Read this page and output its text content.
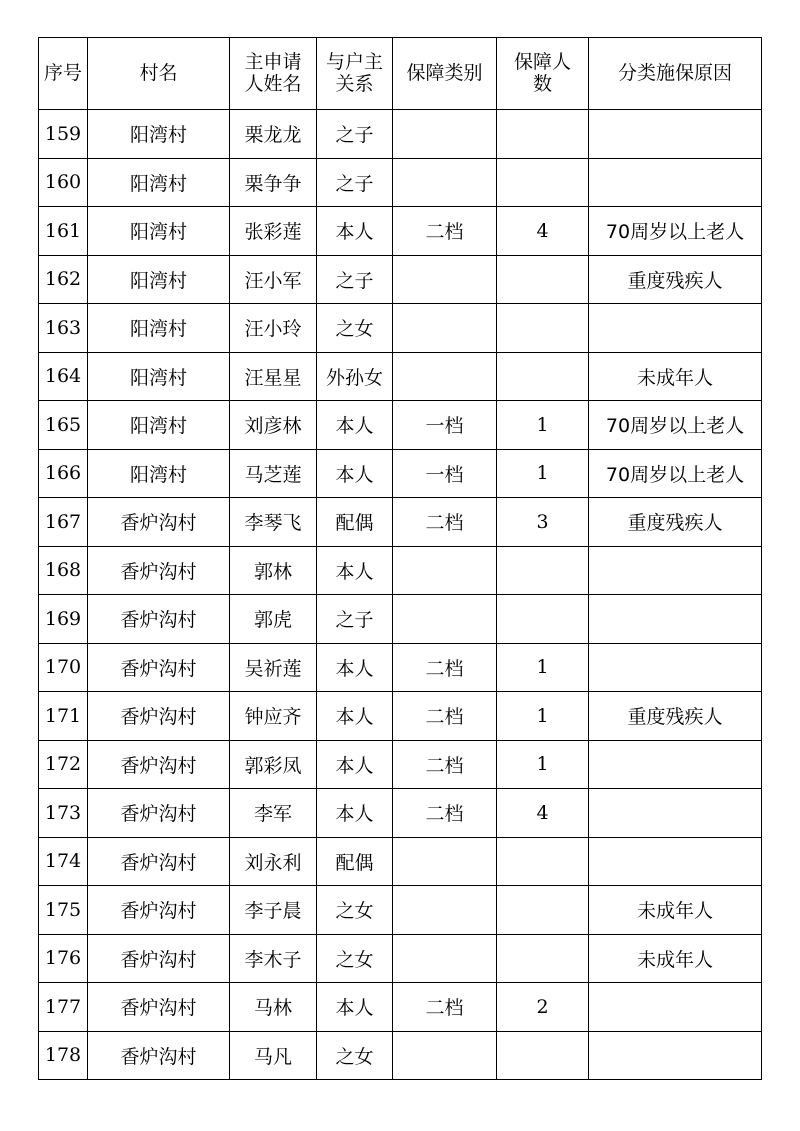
序号	村名	主申请人姓名	与户主关系	保障类别	保障人数	分类施保原因
159	阳湾村	栗龙龙	之子			
160	阳湾村	栗争争	之子			
161	阳湾村	张彩莲	本人	二档	4	70周岁以上老人
162	阳湾村	汪小军	之子			重度残疾人
163	阳湾村	汪小玲	之女			
164	阳湾村	汪星星	外孙女			未成年人
165	阳湾村	刘彦林	本人	一档	1	70周岁以上老人
166	阳湾村	马芝莲	本人	一档	1	70周岁以上老人
167	香炉沟村	李琴飞	配偶	二档	3	重度残疾人
168	香炉沟村	郭林	本人			
169	香炉沟村	郭虎	之子			
170	香炉沟村	吴祈莲	本人	二档	1	
171	香炉沟村	钟应齐	本人	二档	1	重度残疾人
172	香炉沟村	郭彩凤	本人	二档	1	
173	香炉沟村	李军	本人	二档	4	
174	香炉沟村	刘永利	配偶			
175	香炉沟村	李子晨	之女			未成年人
176	香炉沟村	李木子	之女			未成年人
177	香炉沟村	马林	本人	二档	2	
178	香炉沟村	马凡	之女			
